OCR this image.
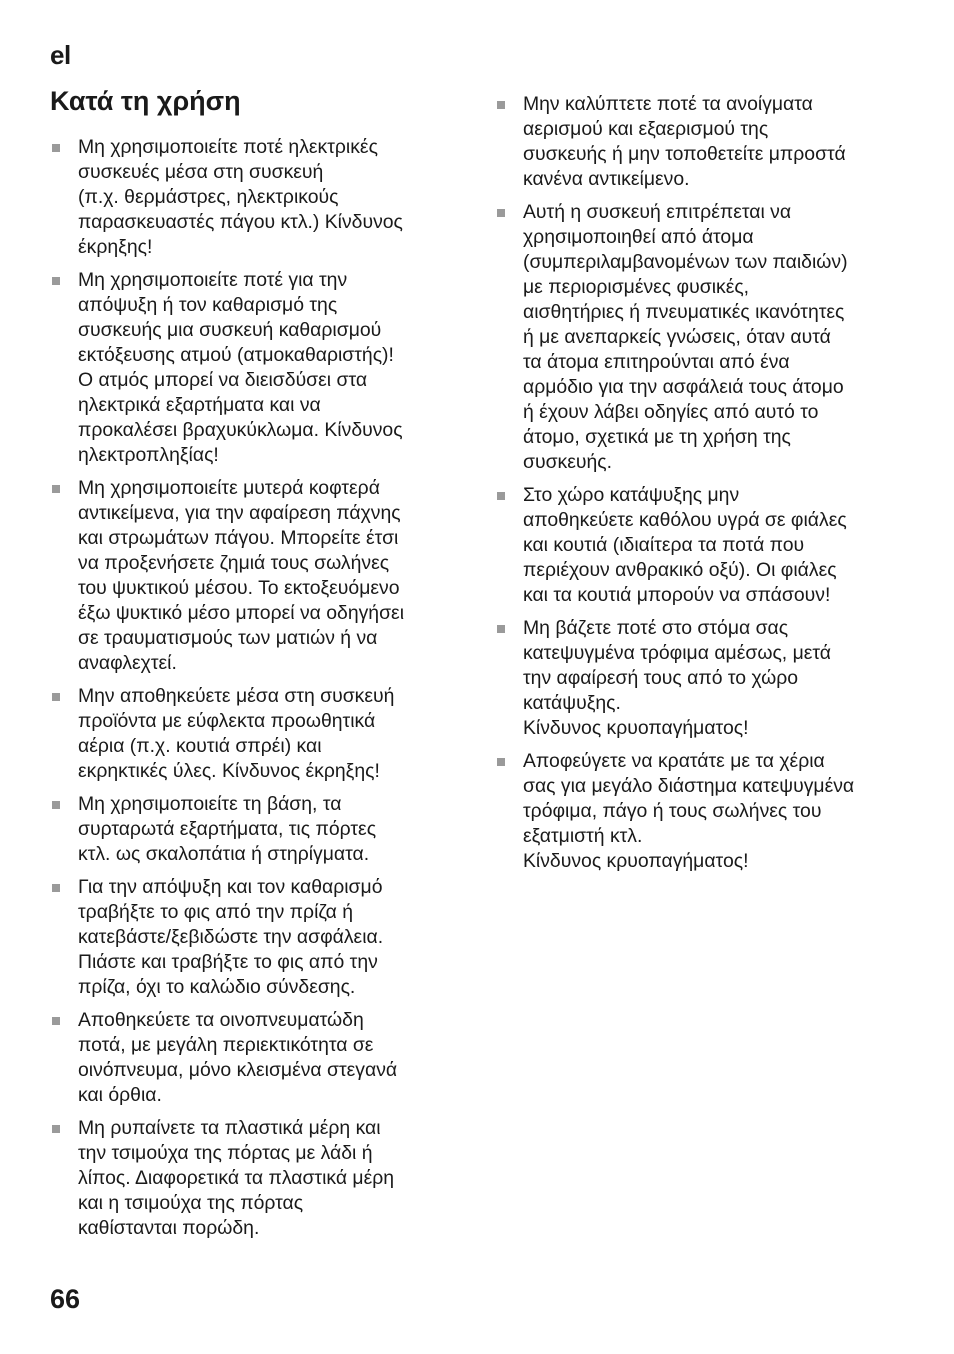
el
Κατά τη χρήση
Μη χρησιμοποιείτε ποτέ ηλεκτρικές
συσκευές μέσα στη συσκευή
(π.χ. θερμάστρες, ηλεκτρικούς
παρασκευαστές πάγου κτλ.) Κίνδυνος
έκρηξης!
Μη χρησιμοποιείτε ποτέ για την
απόψυξη ή τον καθαρισμό της
συσκευής μια συσκευή καθαρισμού
εκτόξευσης ατμού (ατμοκαθαριστής)!
Ο ατμός μπορεί να διεισδύσει στα
ηλεκτρικά εξαρτήματα και να
προκαλέσει βραχυκύκλωμα. Κίνδυνος
ηλεκτροπληξίας!
Μη χρησιμοποιείτε μυτερά κοφτερά
αντικείμενα, για την αφαίρεση πάχνης
και στρωμάτων πάγου. Μπορείτε έτσι
να προξενήσετε ζημιά τους σωλήνες
του ψυκτικού μέσου. Το εκτοξευόμενο
έξω ψυκτικό μέσο μπορεί να οδηγήσει
σε τραυματισμούς των ματιών ή να
αναφλεχτεί.
Μην αποθηκεύετε μέσα στη συσκευή
προϊόντα με εύφλεκτα προωθητικά
αέρια (π.χ. κουτιά σπρέι) και
εκρηκτικές ύλες. Κίνδυνος έκρηξης!
Μη χρησιμοποιείτε τη βάση, τα
συρταρωτά εξαρτήματα, τις πόρτες
κτλ. ως σκαλοπάτια ή στηρίγματα.
Για την απόψυξη και τον καθαρισμό
τραβήξτε το φις από την πρίζα ή
κατεβάστε/ξεβιδώστε την ασφάλεια.
Πιάστε και τραβήξτε το φις από την
πρίζα, όχι το καλώδιο σύνδεσης.
Αποθηκεύετε τα οινοπνευματώδη
ποτά, με μεγάλη περιεκτικότητα σε
οινόπνευμα, μόνο κλεισμένα στεγανά
και όρθια.
Μη ρυπαίνετε τα πλαστικά μέρη και
την τσιμούχα της πόρτας με λάδι ή
λίπος. Διαφορετικά τα πλαστικά μέρη
και η τσιμούχα της πόρτας
καθίστανται πορώδη.
Μην καλύπτετε ποτέ τα ανοίγματα
αερισμού και εξαερισμού της
συσκευής ή μην τοποθετείτε μπροστά
κανένα αντικείμενο.
Αυτή η συσκευή επιτρέπεται να
χρησιμοποιηθεί από άτομα
(συμπεριλαμβανομένων των παιδιών)
με περιορισμένες φυσικές,
αισθητήριες ή πνευματικές ικανότητες
ή με ανεπαρκείς γνώσεις, όταν αυτά
τα άτομα επιτηρούνται από ένα
αρμόδιο για την ασφάλειά τους άτομο
ή έχουν λάβει οδηγίες από αυτό το
άτομο, σχετικά με τη χρήση της
συσκευής.
Στο χώρο κατάψυξης μην
αποθηκεύετε καθόλου υγρά σε φιάλες
και κουτιά (ιδιαίτερα τα ποτά που
περιέχουν ανθρακικό οξύ). Οι φιάλες
και τα κουτιά μπορούν να σπάσουν!
Μη βάζετε ποτέ στο στόμα σας
κατεψυγμένα τρόφιμα αμέσως, μετά
την αφαίρεσή τους από το χώρο
κατάψυξης.
Κίνδυνος κρυοπαγήματος!
Αποφεύγετε να κρατάτε με τα χέρια
σας για μεγάλο διάστημα κατεψυγμένα
τρόφιμα, πάγο ή τους σωλήνες του
εξατμιστή κτλ.
Κίνδυνος κρυοπαγήματος!
66
